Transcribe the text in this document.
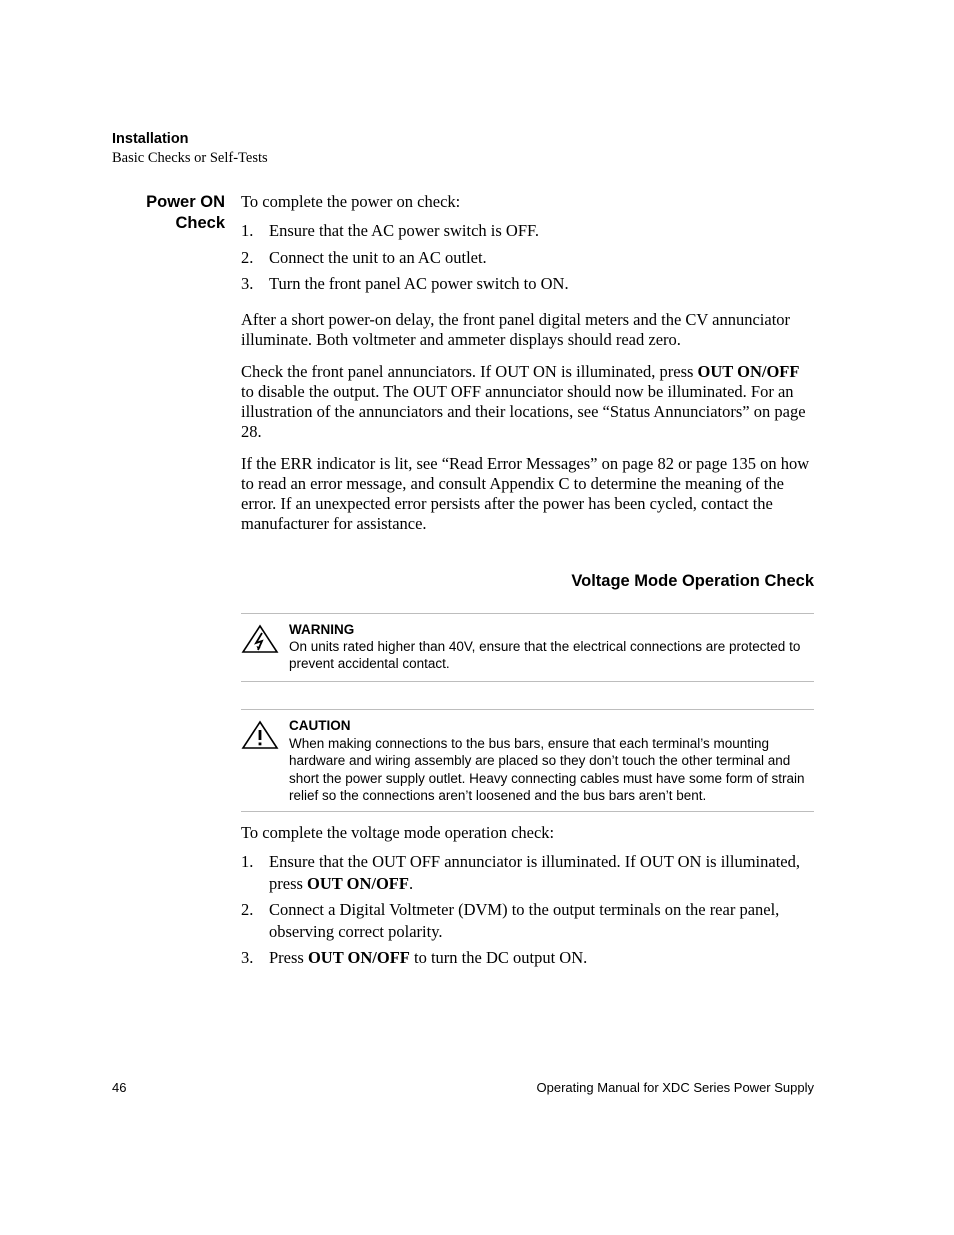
Installation
Basic Checks or Self-Tests
Power ON Check
To complete the power on check:
1. Ensure that the AC power switch is OFF.
2. Connect the unit to an AC outlet.
3. Turn the front panel AC power switch to ON.
After a short power-on delay, the front panel digital meters and the CV annunciator illuminate. Both voltmeter and ammeter displays should read zero.
Check the front panel annunciators. If OUT ON is illuminated, press OUT ON/OFF to disable the output. The OUT OFF annunciator should now be illuminated. For an illustration of the annunciators and their locations, see “Status Annunciators” on page 28.
If the ERR indicator is lit, see “Read Error Messages” on page 82 or page 135 on how to read an error message, and consult Appendix C to determine the meaning of the error. If an unexpected error persists after the power has been cycled, contact the manufacturer for assistance.
Voltage Mode Operation Check
WARNING
On units rated higher than 40V, ensure that the electrical connections are protected to prevent accidental contact.
CAUTION
When making connections to the bus bars, ensure that each terminal’s mounting hardware and wiring assembly are placed so they don’t touch the other terminal and short the power supply outlet. Heavy connecting cables must have some form of strain relief so the connections aren’t loosened and the bus bars aren’t bent.
To complete the voltage mode operation check:
1. Ensure that the OUT OFF annunciator is illuminated. If OUT ON is illuminated, press OUT ON/OFF.
2. Connect a Digital Voltmeter (DVM) to the output terminals on the rear panel, observing correct polarity.
3. Press OUT ON/OFF to turn the DC output ON.
46	Operating Manual for XDC Series Power Supply
